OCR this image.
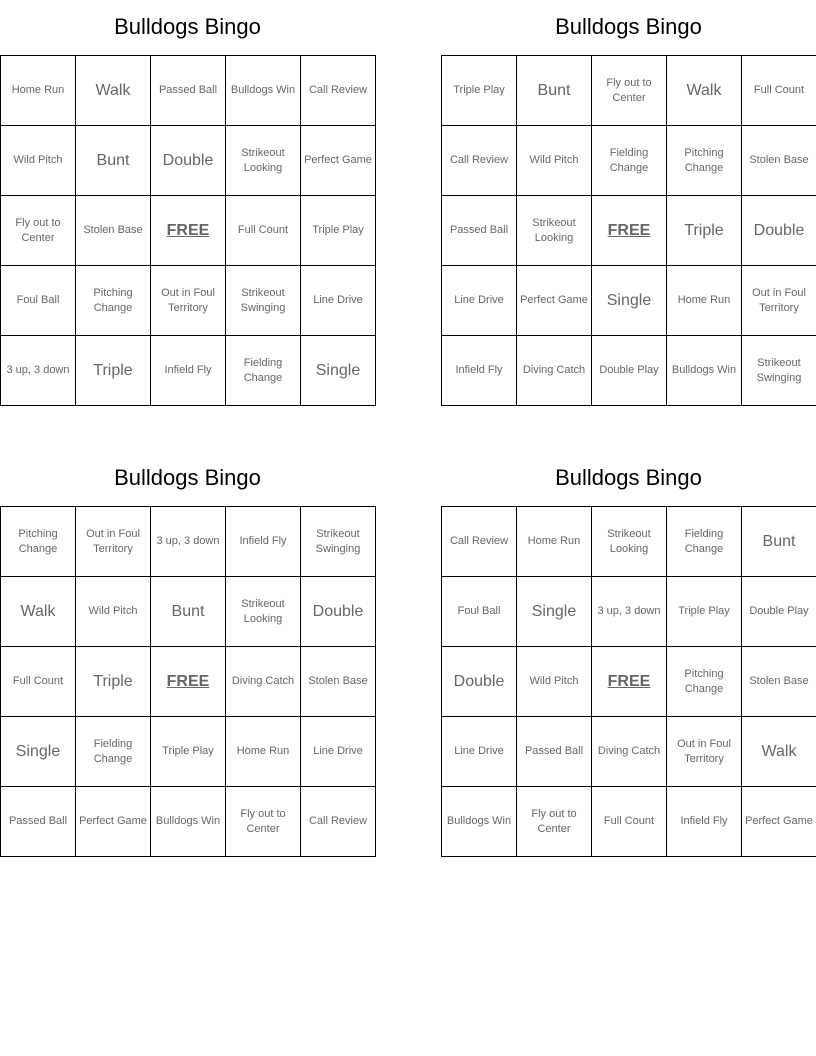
Bulldogs Bingo
Home Run	Walk	Passed Ball	Bulldogs Win	Call Review
Wild Pitch	Bunt	Double	Strikeout Looking	Perfect Game
Fly out to Center	Stolen Base	FREE	Full Count	Triple Play
Foul Ball	Pitching Change	Out in Foul Territory	Strikeout Swinging	Line Drive
3 up, 3 down	Triple	Infield Fly	Fielding Change	Single
Bulldogs Bingo
Triple Play	Bunt	Fly out to Center	Walk	Full Count
Call Review	Wild Pitch	Fielding Change	Pitching Change	Stolen Base
Passed Ball	Strikeout Looking	FREE	Triple	Double
Line Drive	Perfect Game	Single	Home Run	Out in Foul Territory
Infield Fly	Diving Catch	Double Play	Bulldogs Win	Strikeout Swinging
Bulldogs Bingo
Pitching Change	Out in Foul Territory	3 up, 3 down	Infield Fly	Strikeout Swinging
Walk	Wild Pitch	Bunt	Strikeout Looking	Double
Full Count	Triple	FREE	Diving Catch	Stolen Base
Single	Fielding Change	Triple Play	Home Run	Line Drive
Passed Ball	Perfect Game	Bulldogs Win	Fly out to Center	Call Review
Bulldogs Bingo
Call Review	Home Run	Strikeout Looking	Fielding Change	Bunt
Foul Ball	Single	3 up, 3 down	Triple Play	Double Play
Double	Wild Pitch	FREE	Pitching Change	Stolen Base
Line Drive	Passed Ball	Diving Catch	Out in Foul Territory	Walk
Bulldogs Win	Fly out to Center	Full Count	Infield Fly	Perfect Game
